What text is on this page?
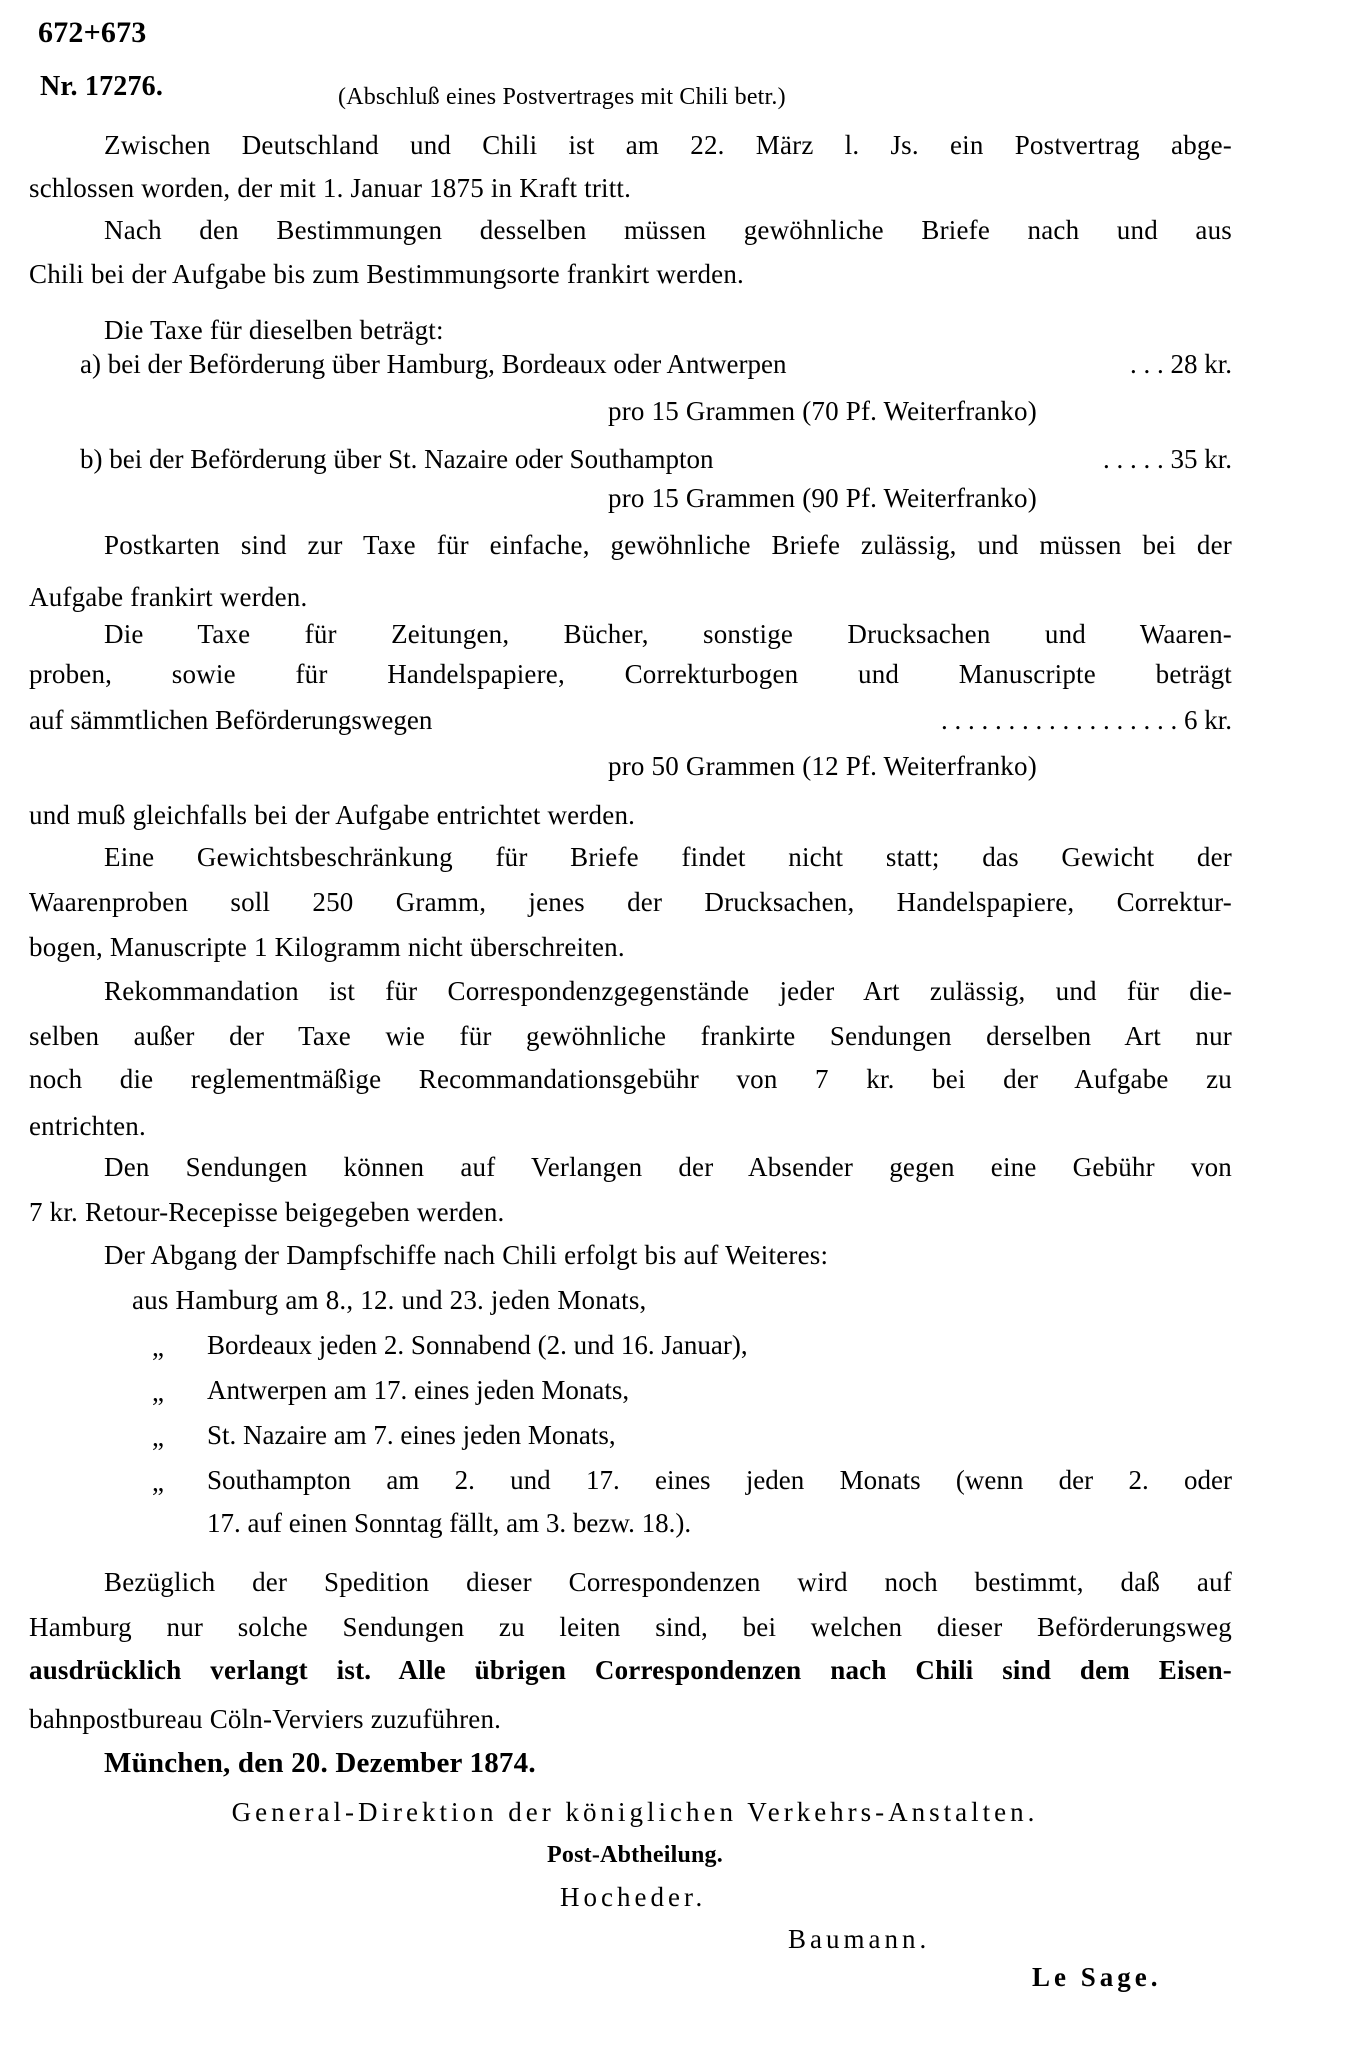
672+673
Nr. 17276.	(Abschluß eines Postvertrages mit Chili betr.)
Zwischen Deutschland und Chili ist am 22. März l. Js. ein Postvertrag abge-
schlossen worden, der mit 1. Januar 1875 in Kraft tritt.
Nach den Bestimmungen desselben müssen gewöhnliche Briefe nach und aus
Chili bei der Aufgabe bis zum Bestimmungsorte frankirt werden.
Die Taxe für dieselben beträgt:
a) bei der Beförderung über Hamburg, Bordeaux oder Antwerpen	. . . 28 kr.
pro 15 Grammen (70 Pf. Weiterfranko)
b) bei der Beförderung über St. Nazaire oder Southampton	. . . . . 35 kr.
pro 15 Grammen (90 Pf. Weiterfranko)
Postkarten sind zur Taxe für einfache, gewöhnliche Briefe zulässig, und müssen bei der
Aufgabe frankirt werden.
Die Taxe für Zeitungen, Bücher, sonstige Drucksachen und Waaren-
proben, sowie für Handelspapiere, Correkturbogen und Manuscripte beträgt
auf sämmtlichen Beförderungswegen	. . . . . . . . . . . . . . . . . . 6 kr.
pro 50 Grammen (12 Pf. Weiterfranko)
und muß gleichfalls bei der Aufgabe entrichtet werden.
Eine Gewichtsbeschränkung für Briefe findet nicht statt; das Gewicht der
Waarenproben soll 250 Gramm, jenes der Drucksachen, Handelspapiere, Correktur-
bogen, Manuscripte 1 Kilogramm nicht überschreiten.
Rekommandation ist für Correspondenzgegenstände jeder Art zulässig, und für die-
selben außer der Taxe wie für gewöhnliche frankirte Sendungen derselben Art nur
noch die reglementmäßige Recommandationsgebühr von 7 kr. bei der Aufgabe zu
entrichten.
Den Sendungen können auf Verlangen der Absender gegen eine Gebühr von
7 kr. Retour-Recepisse beigegeben werden.
Der Abgang der Dampfschiffe nach Chili erfolgt bis auf Weiteres:
aus Hamburg am 8., 12. und 23. jeden Monats,
„ Bordeaux jeden 2. Sonnabend (2. und 16. Januar),
„ Antwerpen am 17. eines jeden Monats,
„ St. Nazaire am 7. eines jeden Monats,
„ Southampton am 2. und 17. eines jeden Monats (wenn der 2. oder
17. auf einen Sonntag fällt, am 3. bezw. 18.).
Bezüglich der Spedition dieser Correspondenzen wird noch bestimmt, daß auf
Hamburg nur solche Sendungen zu leiten sind, bei welchen dieser Beförderungsweg
ausdrücklich verlangt ist. Alle übrigen Correspondenzen nach Chili sind dem Eisen-
bahnpostbureau Cöln-Verviers zuzuführen.
München, den 20. Dezember 1874.
General-Direktion der königlichen Verkehrs-Anstalten.
Post-Abtheilung.
Hocheder.
Baumann.
Le Sage.
